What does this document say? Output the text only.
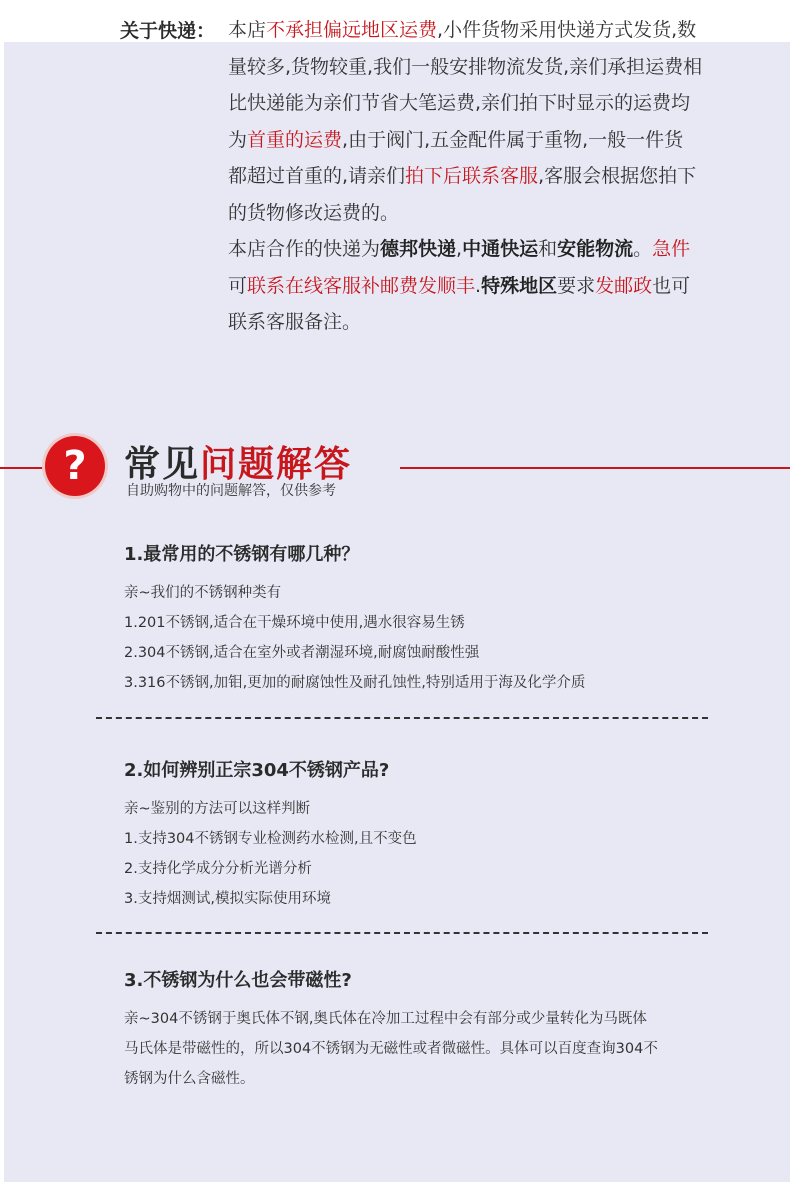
关于快递： 本店不承担偏远地区运费,小件货物采用快递方式发货,数
量较多,货物较重,我们一般安排物流发货,亲们承担运费相
比快递能为亲们节省大笔运费,亲们拍下时显示的运费均
为首重的运费,由于阀门,五金配件属于重物,一般一件货
都超过首重的,请亲们拍下后联系客服,客服会根据您拍下
的货物修改运费的。
本店合作的快递为德邦快递,中通快运和安能物流。急件
可联系在线客服补邮费发顺丰.特殊地区要求发邮政也可
联系客服备注。
?	常见问题解答
自助购物中的问题解答，仅供参考
1.最常用的不锈钢有哪几种？
亲~我们的不锈钢种类有
1.201不锈钢,适合在干燥环境中使用,遇水很容易生锈
2.304不锈钢,适合在室外或者潮湿环境,耐腐蚀耐酸性强
3.316不锈钢,加钼,更加的耐腐蚀性及耐孔蚀性,特别适用于海及化学介质
2.如何辨别正宗304不锈钢产品?
亲~鉴别的方法可以这样判断
1.支持304不锈钢专业检测药水检测,且不变色
2.支持化学成分分析光谱分析
3.支持烟测试,模拟实际使用环境
3.不锈钢为什么也会带磁性?
亲~304不锈钢于奥氏体不钢,奥氏体在冷加工过程中会有部分或少量转化为马既体
马氏体是带磁性的，所以304不锈钢为无磁性或者微磁性。具体可以百度查询304不
锈钢为什么含磁性。
